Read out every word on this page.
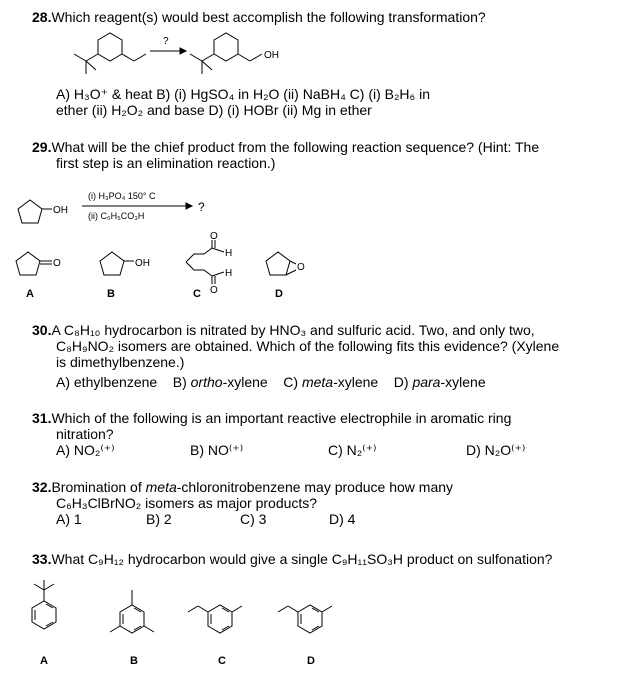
28.Which reagent(s) would best accomplish the following transformation?
?
OH
A) H₃O⁺ & heat B) (i) HgSO₄ in H₂O (ii) NaBH₄ C) (i) B₂H₆ in
ether (ii) H₂O₂ and base D) (i) HOBr (ii) Mg in ether
29.What will be the chief product from the following reaction sequence? (Hint: The
first step is an elimination reaction.)
OH
(i) H₃PO₄ 150° C
(ii) C₆H₅CO₃H
?
O	OH
O
H
H
O
O
A	B	C	D
30.A C₈H₁₀ hydrocarbon is nitrated by HNO₃ and sulfuric acid. Two, and only two,
C₈H₉NO₂ isomers are obtained. Which of the following fits this evidence? (Xylene
is dimethylbenzene.)
A) ethylbenzene B) ortho-xylene C) meta-xylene D) para-xylene
31.Which of the following is an important reactive electrophile in aromatic ring
nitration?
A) NO₂⁽⁺⁾	B) NO⁽⁺⁾	C) N₂⁽⁺⁾	D) N₂O⁽⁺⁾
32.Bromination of meta-chloronitrobenzene may produce how many
C₆H₃ClBrNO₂ isomers as major products?
A) 1	B) 2	C) 3	D) 4
33.What C₉H₁₂ hydrocarbon would give a single C₉H₁₁SO₃H product on sulfonation?
A	B	C	D
